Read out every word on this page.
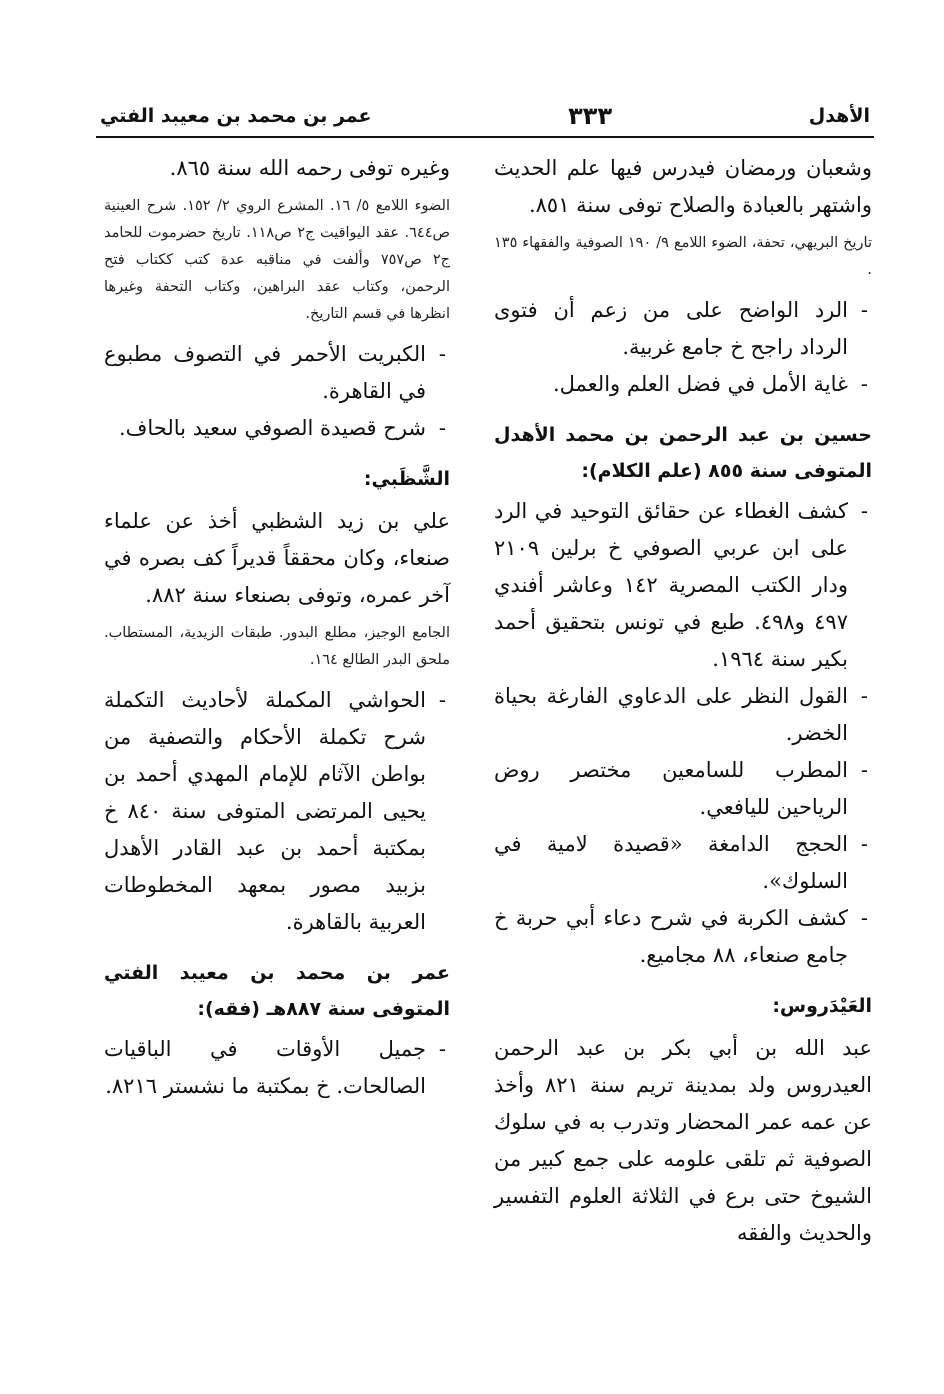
الأهدل
٣٣٣
عمر بن محمد بن معيبد الفتي

وشعبان ورمضان فيدرس فيها علم الحديث واشتهر بالعبادة والصلاح توفى سنة ٨٥١.

تاريخ البريهي، تحفة، الضوء اللامع ٩/ ١٩٠ الصوفية والفقهاء ١٣٥ .

- الرد الواضح على من زعم أن فتوى الرداد راجح خ جامع غربية.
- غاية الأمل في فضل العلم والعمل.
حسين بن عبد الرحمن بن محمد الأهدل المتوفى سنة ٨٥٥ (علم الكلام):
- كشف الغطاء عن حقائق التوحيد في الرد على ابن عربي الصوفي خ برلين ٢١٠٩ ودار الكتب المصرية ١٤٢ وعاشر أفندي ٤٩٧ و٤٩٨. طبع في تونس بتحقيق أحمد بكير سنة ١٩٦٤.
- القول النظر على الدعاوي الفارغة بحياة الخضر.
- المطرب للسامعين مختصر روض الرياحين لليافعي.
- الحجج الدامغة «قصيدة لامية في السلوك».
- كشف الكربة في شرح دعاء أبي حربة خ جامع صنعاء، ٨٨ مجاميع.
العَيْدَروس:

عبد الله بن أبي بكر بن عبد الرحمن العيدروس ولد بمدينة تريم سنة ٨٢١ وأخذ عن عمه عمر المحضار وتدرب به في سلوك الصوفية ثم تلقى علومه على جمع كبير من الشيوخ حتى برع في الثلاثة العلوم التفسير والحديث والفقه

وغيره توفى رحمه الله سنة ٨٦٥.

الضوء اللامع ٥/ ١٦. المشرع الروي ٢/ ١٥٢. شرح العينية ص٦٤٤. عقد اليواقيت ج٢ ص١١٨. تاريخ حضرموت للحامد ج٢ ص٧٥٧ وألفت في مناقبه عدة كتب ككتاب فتح الرحمن، وكتاب عقد البراهين، وكتاب التحفة وغيرها انظرها في قسم التاريخ.

- الكبريت الأحمر في التصوف مطبوع في القاهرة.
- شرح قصيدة الصوفي سعيد بالحاف.
الشَّظَبي:

علي بن زيد الشظبي أخذ عن علماء صنعاء، وكان محققاً قديراً كف بصره في آخر عمره، وتوفى بصنعاء سنة ٨٨٢.

الجامع الوجيز، مطلع البدور. طبقات الزيدية، المستطاب. ملحق البدر الطالع ١٦٤.

- الحواشي المكملة لأحاديث التكملة شرح تكملة الأحكام والتصفية من بواطن الآثام للإمام المهدي أحمد بن يحيى المرتضى المتوفى سنة ٨٤٠ خ بمكتبة أحمد بن عبد القادر الأهدل بزبيد مصور بمعهد المخطوطات العربية بالقاهرة.
عمر بن محمد بن معيبد الفتي المتوفى سنة ٨٨٧هـ (فقه):
- جميل الأوقات في الباقيات الصالحات. خ بمكتبة ما نشستر ٨٢١٦.
